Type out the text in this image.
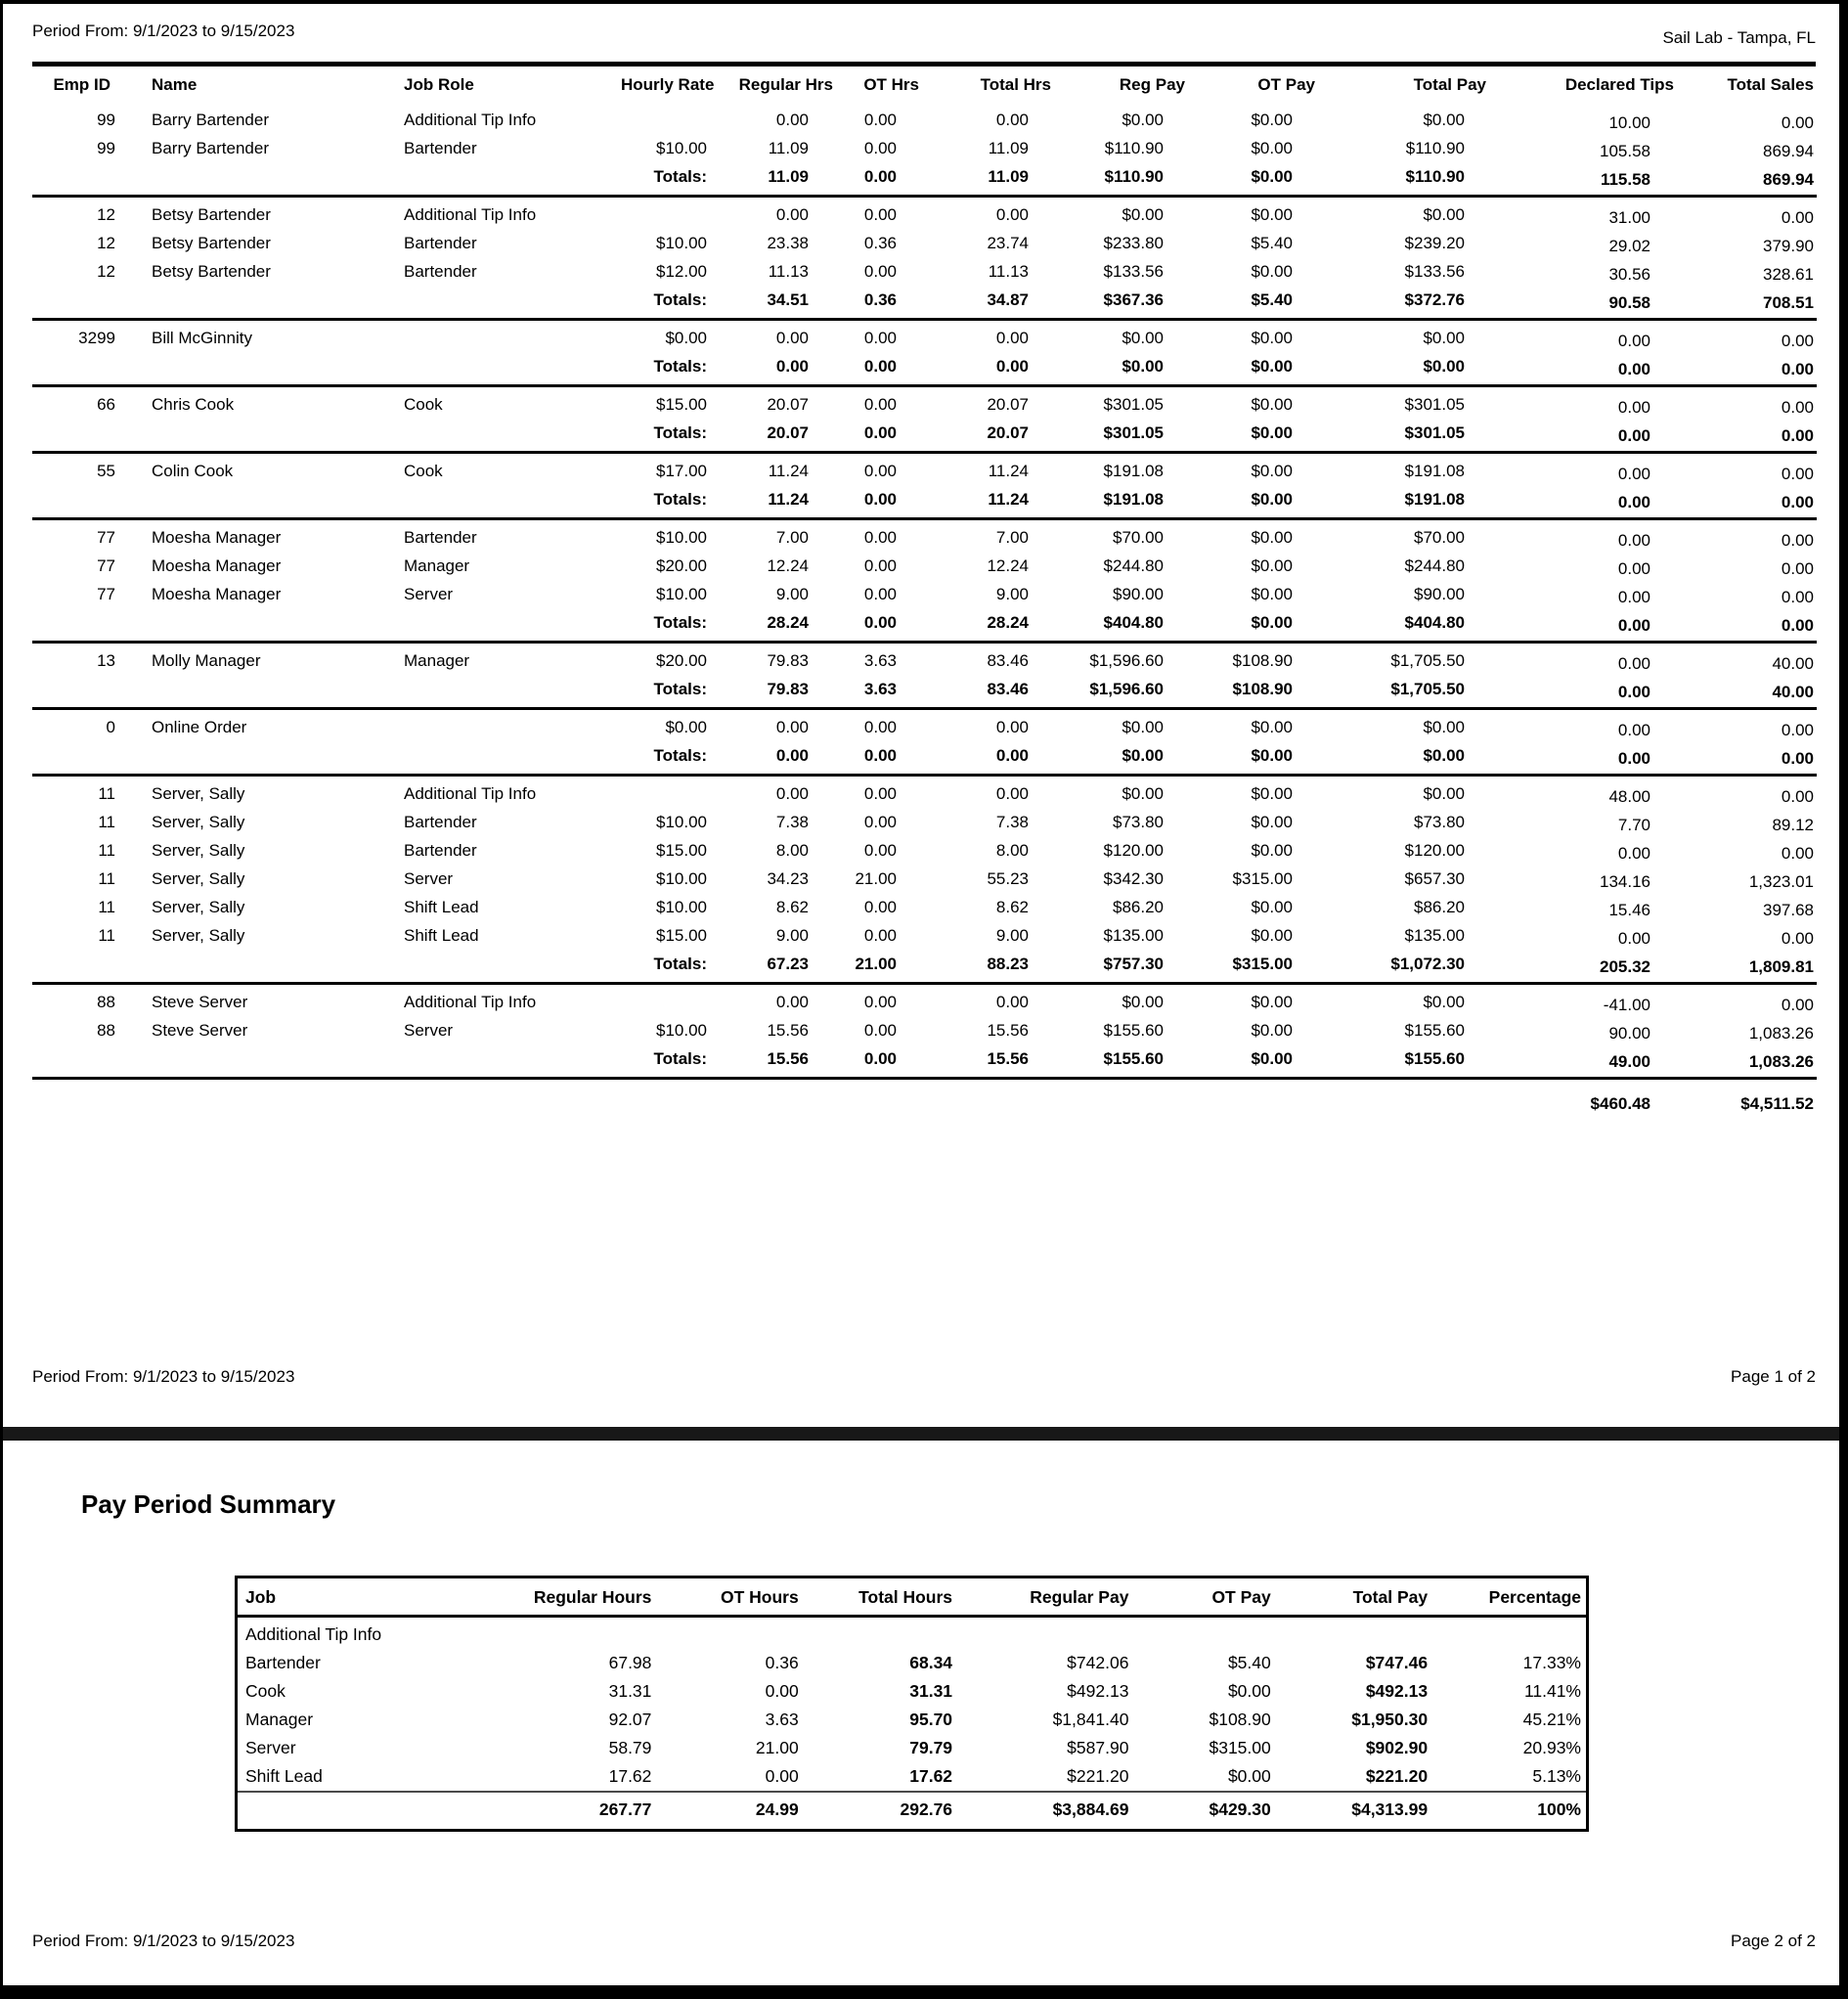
Period From: 9/1/2023 to 9/15/2023	Sail Lab - Tampa, FL
Emp ID	Name	Job Role	Hourly Rate	Regular Hrs	OT Hrs	Total Hrs	Reg Pay	OT Pay	Total Pay	Declared Tips	Total Sales
99	Barry Bartender	Additional Tip Info		0.00	0.00	0.00	$0.00	$0.00	$0.00	10.00	0.00
99	Barry Bartender	Bartender	$10.00	11.09	0.00	11.09	$110.90	$0.00	$110.90	105.58	869.94
			Totals:	11.09	0.00	11.09	$110.90	$0.00	$110.90	115.58	869.94
12	Betsy Bartender	Additional Tip Info		0.00	0.00	0.00	$0.00	$0.00	$0.00	31.00	0.00
12	Betsy Bartender	Bartender	$10.00	23.38	0.36	23.74	$233.80	$5.40	$239.20	29.02	379.90
12	Betsy Bartender	Bartender	$12.00	11.13	0.00	11.13	$133.56	$0.00	$133.56	30.56	328.61
			Totals:	34.51	0.36	34.87	$367.36	$5.40	$372.76	90.58	708.51
3299	Bill McGinnity		$0.00	0.00	0.00	0.00	$0.00	$0.00	$0.00	0.00	0.00
			Totals:	0.00	0.00	0.00	$0.00	$0.00	$0.00	0.00	0.00
66	Chris Cook	Cook	$15.00	20.07	0.00	20.07	$301.05	$0.00	$301.05	0.00	0.00
			Totals:	20.07	0.00	20.07	$301.05	$0.00	$301.05	0.00	0.00
55	Colin Cook	Cook	$17.00	11.24	0.00	11.24	$191.08	$0.00	$191.08	0.00	0.00
			Totals:	11.24	0.00	11.24	$191.08	$0.00	$191.08	0.00	0.00
77	Moesha Manager	Bartender	$10.00	7.00	0.00	7.00	$70.00	$0.00	$70.00	0.00	0.00
77	Moesha Manager	Manager	$20.00	12.24	0.00	12.24	$244.80	$0.00	$244.80	0.00	0.00
77	Moesha Manager	Server	$10.00	9.00	0.00	9.00	$90.00	$0.00	$90.00	0.00	0.00
			Totals:	28.24	0.00	28.24	$404.80	$0.00	$404.80	0.00	0.00
13	Molly Manager	Manager	$20.00	79.83	3.63	83.46	$1,596.60	$108.90	$1,705.50	0.00	40.00
			Totals:	79.83	3.63	83.46	$1,596.60	$108.90	$1,705.50	0.00	40.00
0	Online Order		$0.00	0.00	0.00	0.00	$0.00	$0.00	$0.00	0.00	0.00
			Totals:	0.00	0.00	0.00	$0.00	$0.00	$0.00	0.00	0.00
11	Server, Sally	Additional Tip Info		0.00	0.00	0.00	$0.00	$0.00	$0.00	48.00	0.00
11	Server, Sally	Bartender	$10.00	7.38	0.00	7.38	$73.80	$0.00	$73.80	7.70	89.12
11	Server, Sally	Bartender	$15.00	8.00	0.00	8.00	$120.00	$0.00	$120.00	0.00	0.00
11	Server, Sally	Server	$10.00	34.23	21.00	55.23	$342.30	$315.00	$657.30	134.16	1,323.01
11	Server, Sally	Shift Lead	$10.00	8.62	0.00	8.62	$86.20	$0.00	$86.20	15.46	397.68
11	Server, Sally	Shift Lead	$15.00	9.00	0.00	9.00	$135.00	$0.00	$135.00	0.00	0.00
			Totals:	67.23	21.00	88.23	$757.30	$315.00	$1,072.30	205.32	1,809.81
88	Steve Server	Additional Tip Info		0.00	0.00	0.00	$0.00	$0.00	$0.00	-41.00	0.00
88	Steve Server	Server	$10.00	15.56	0.00	15.56	$155.60	$0.00	$155.60	90.00	1,083.26
			Totals:	15.56	0.00	15.56	$155.60	$0.00	$155.60	49.00	1,083.26
										$460.48	$4,511.52
Period From: 9/1/2023 to 9/15/2023	Page 1 of 2
Pay Period Summary
Job	Regular Hours	OT Hours	Total Hours	Regular Pay	OT Pay	Total Pay	Percentage
Additional Tip Info							
Bartender	67.98	0.36	68.34	$742.06	$5.40	$747.46	17.33%
Cook	31.31	0.00	31.31	$492.13	$0.00	$492.13	11.41%
Manager	92.07	3.63	95.70	$1,841.40	$108.90	$1,950.30	45.21%
Server	58.79	21.00	79.79	$587.90	$315.00	$902.90	20.93%
Shift Lead	17.62	0.00	17.62	$221.20	$0.00	$221.20	5.13%
	267.77	24.99	292.76	$3,884.69	$429.30	$4,313.99	100%
Period From: 9/1/2023 to 9/15/2023	Page 2 of 2
